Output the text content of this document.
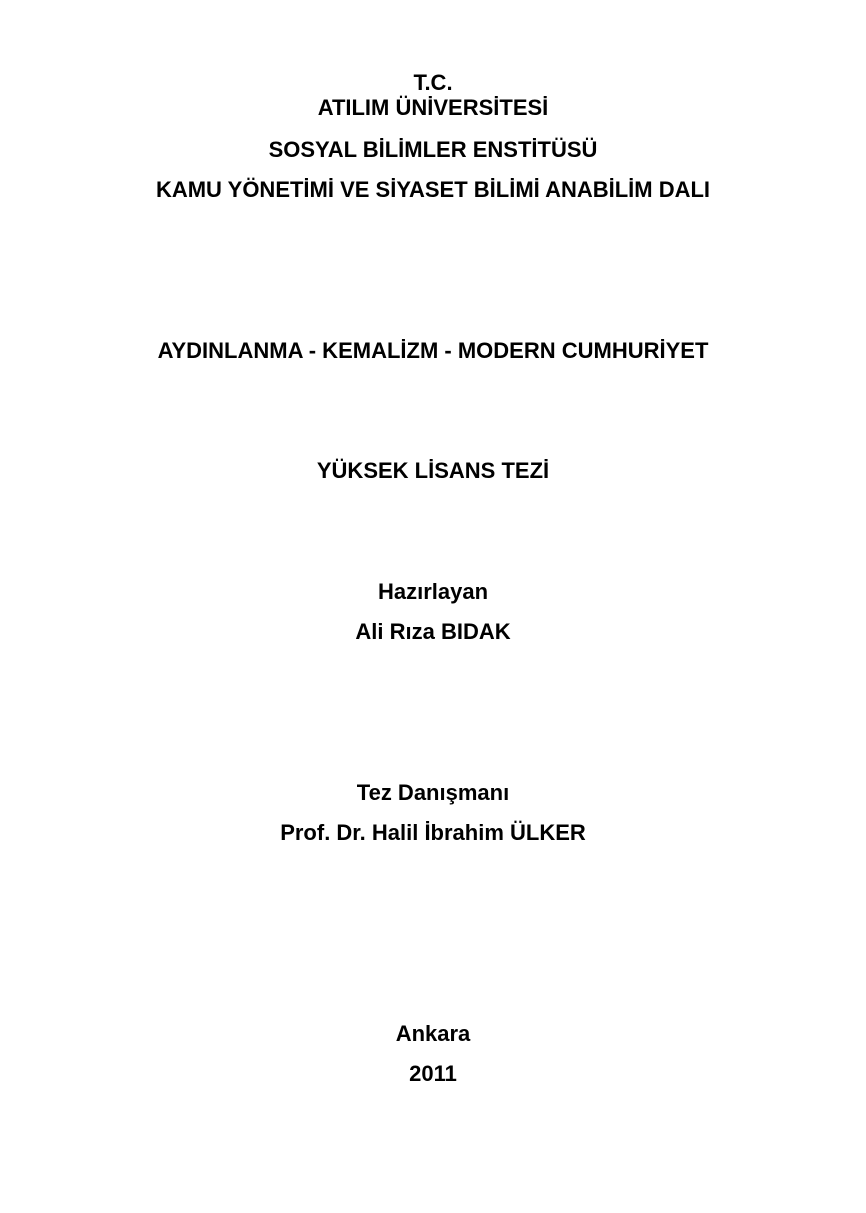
T.C.
ATILIM ÜNİVERSİTESİ
SOSYAL BİLİMLER ENSTİTÜSÜ
KAMU YÖNETİMİ VE SİYASET BİLİMİ ANABİLİM DALI
AYDINLANMA - KEMALİZM - MODERN CUMHURİYET
YÜKSEK LİSANS TEZİ
Hazırlayan
Ali Rıza BIDAK
Tez Danışmanı
Prof. Dr. Halil İbrahim ÜLKER
Ankara
2011
